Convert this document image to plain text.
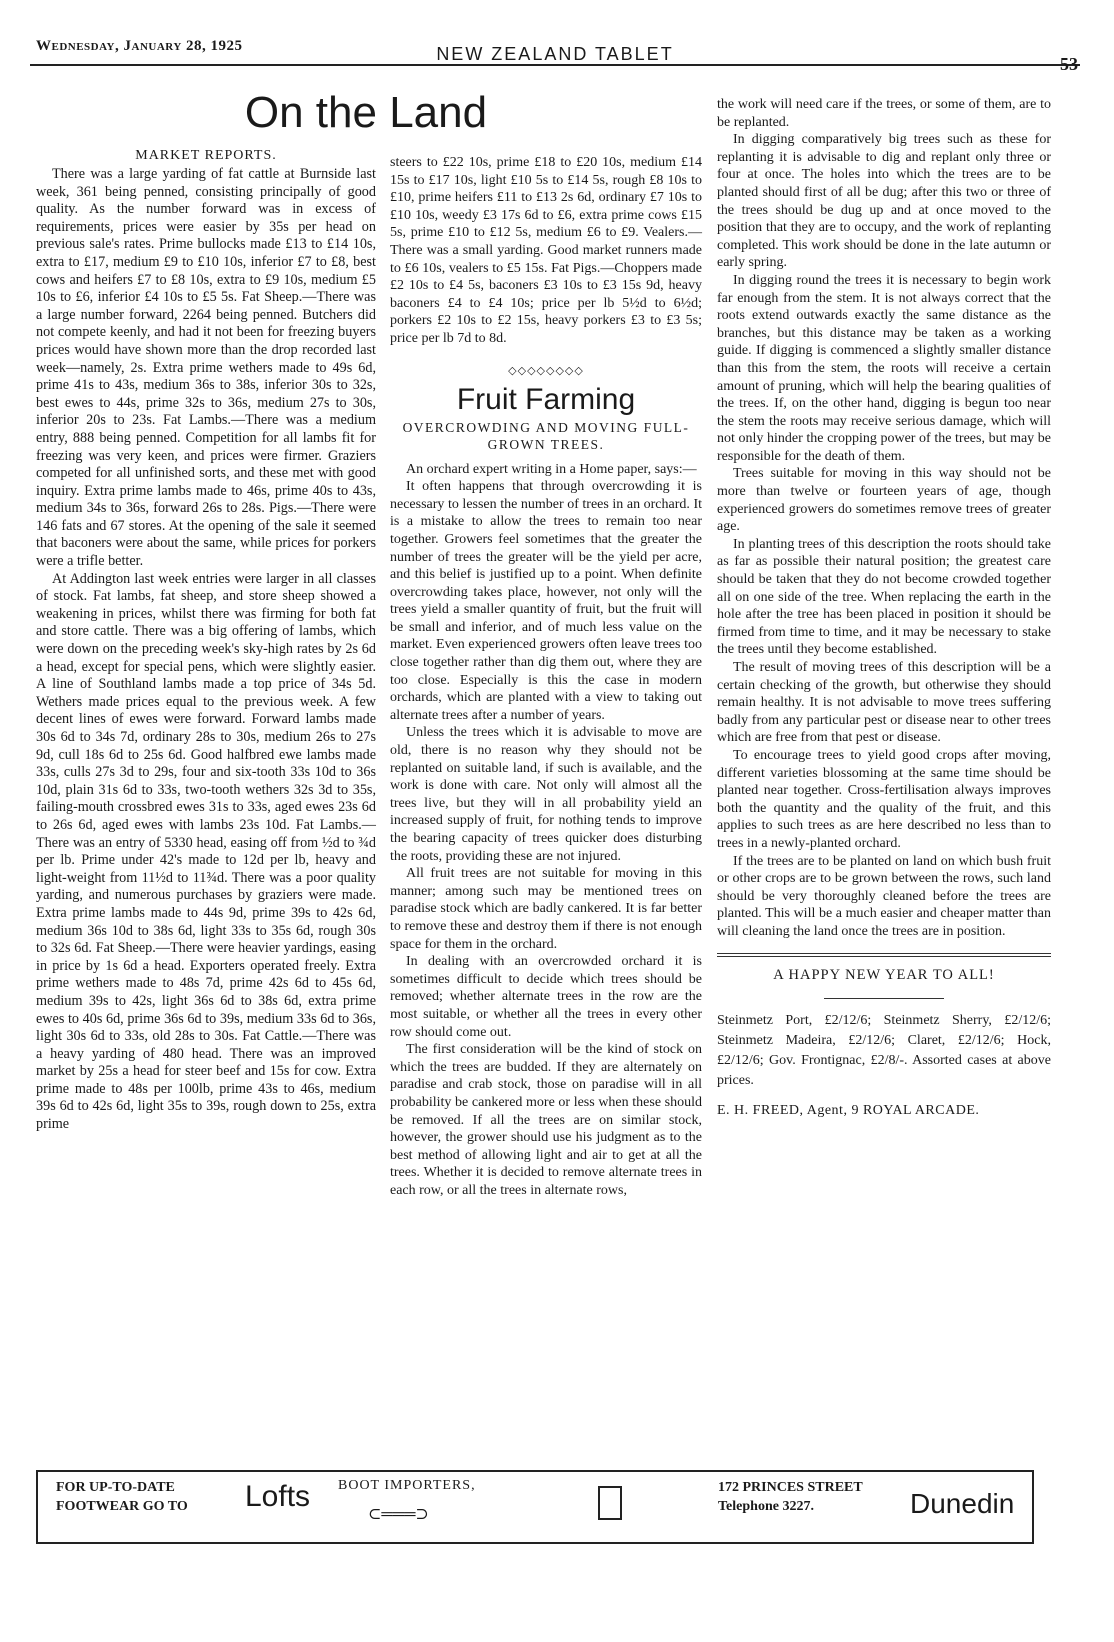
Wednesday, January 28, 1925	NEW ZEALAND TABLET	53
On the Land
MARKET REPORTS.

There was a large yarding of fat cattle at Burnside last week, 361 being penned, consisting principally of good quality. As the number forward was in excess of requirements, prices were easier by 35s per head on previous sale's rates. Prime bullocks made £13 to £14 10s, extra to £17, medium £9 to £10 10s, inferior £7 to £8, best cows and heifers £7 to £8 10s, extra to £9 10s, medium £5 10s to £6, inferior £4 10s to £5 5s. Fat Sheep.—There was a large number forward, 2264 being penned. Butchers did not compete keenly, and had it not been for freezing buyers prices would have shown more than the drop recorded last week—namely, 2s. Extra prime wethers made to 49s 6d, prime 41s to 43s, medium 36s to 38s, inferior 30s to 32s, best ewes to 44s, prime 32s to 36s, medium 27s to 30s, inferior 20s to 23s. Fat Lambs.—There was a medium entry, 888 being penned. Competition for all lambs fit for freezing was very keen, and prices were firmer. Graziers competed for all unfinished sorts, and these met with good inquiry. Extra prime lambs made to 46s, prime 40s to 43s, medium 34s to 36s, forward 26s to 28s. Pigs.—There were 146 fats and 67 stores. At the opening of the sale it seemed that baconers were about the same, while prices for porkers were a trifle better.

At Addington last week entries were larger in all classes of stock. Fat lambs, fat sheep, and store sheep showed a weakening in prices, whilst there was firming for both fat and store cattle. There was a big offering of lambs, which were down on the preceding week's sky-high rates by 2s 6d a head, except for special pens, which were slightly easier. A line of Southland lambs made a top price of 34s 5d. Wethers made prices equal to the previous week. A few decent lines of ewes were forward. Forward lambs made 30s 6d to 34s 7d, ordinary 28s to 30s, medium 26s to 27s 9d, cull 18s 6d to 25s 6d. Good halfbred ewe lambs made 33s, culls 27s 3d to 29s, four and six-tooth 33s 10d to 36s 10d, plain 31s 6d to 33s, two-tooth wethers 32s 3d to 35s, failing-mouth crossbred ewes 31s to 33s, aged ewes 23s 6d to 26s 6d, aged ewes with lambs 23s 10d. Fat Lambs.—There was an entry of 5330 head, easing off from ½d to ¾d per lb. Prime under 42's made to 12d per lb, heavy and light-weight from 11½d to 11¾d. There was a poor quality yarding, and numerous purchases by graziers were made. Extra prime lambs made to 44s 9d, prime 39s to 42s 6d, medium 36s 10d to 38s 6d, light 33s to 35s 6d, rough 30s to 32s 6d. Fat Sheep.—There were heavier yardings, easing in price by 1s 6d a head. Exporters operated freely. Extra prime wethers made to 48s 7d, prime 42s 6d to 45s 6d, medium 39s to 42s, light 36s 6d to 38s 6d, extra prime ewes to 40s 6d, prime 36s 6d to 39s, medium 33s 6d to 36s, light 30s 6d to 33s, old 28s to 30s. Fat Cattle.—There was a heavy yarding of 480 head. There was an improved market by 25s a head for steer beef and 15s for cow. Extra prime made to 48s per 100lb, prime 43s to 46s, medium 39s 6d to 42s 6d, light 35s to 39s, rough down to 25s, extra prime

steers to £22 10s, prime £18 to £20 10s, medium £14 15s to £17 10s, light £10 5s to £14 5s, rough £8 10s to £10, prime heifers £11 to £13 2s 6d, ordinary £7 10s to £10 10s, weedy £3 17s 6d to £6, extra prime cows £15 5s, prime £10 to £12 5s, medium £6 to £9. Vealers.—There was a small yarding. Good market runners made to £6 10s, vealers to £5 15s. Fat Pigs.—Choppers made £2 10s to £4 5s, baconers £3 10s to £3 15s 9d, heavy baconers £4 to £4 10s; price per lb 5½d to 6½d; porkers £2 10s to £2 15s, heavy porkers £3 to £3 5s; price per lb 7d to 8d.

◇◇◇◇◇◇◇◇
Fruit Farming
OVERCROWDING AND MOVING FULL-GROWN TREES.

An orchard expert writing in a Home paper, says:—

It often happens that through overcrowding it is necessary to lessen the number of trees in an orchard. It is a mistake to allow the trees to remain too near together. Growers feel sometimes that the greater the number of trees the greater will be the yield per acre, and this belief is justified up to a point. When definite overcrowding takes place, however, not only will the trees yield a smaller quantity of fruit, but the fruit will be small and inferior, and of much less value on the market. Even experienced growers often leave trees too close together rather than dig them out, where they are too close. Especially is this the case in modern orchards, which are planted with a view to taking out alternate trees after a number of years.

Unless the trees which it is advisable to move are old, there is no reason why they should not be replanted on suitable land, if such is available, and the work is done with care. Not only will almost all the trees live, but they will in all probability yield an increased supply of fruit, for nothing tends to improve the bearing capacity of trees quicker does disturbing the roots, providing these are not injured.

All fruit trees are not suitable for moving in this manner; among such may be mentioned trees on paradise stock which are badly cankered. It is far better to remove these and destroy them if there is not enough space for them in the orchard.

In dealing with an overcrowded orchard it is sometimes difficult to decide which trees should be removed; whether alternate trees in the row are the most suitable, or whether all the trees in every other row should come out.

The first consideration will be the kind of stock on which the trees are budded. If they are alternately on paradise and crab stock, those on paradise will in all probability be cankered more or less when these should be removed. If all the trees are on similar stock, however, the grower should use his judgment as to the best method of allowing light and air to get at all the trees. Whether it is decided to remove alternate trees in each row, or all the trees in alternate rows,

the work will need care if the trees, or some of them, are to be replanted.

In digging comparatively big trees such as these for replanting it is advisable to dig and replant only three or four at once. The holes into which the trees are to be planted should first of all be dug; after this two or three of the trees should be dug up and at once moved to the position that they are to occupy, and the work of replanting completed. This work should be done in the late autumn or early spring.

In digging round the trees it is necessary to begin work far enough from the stem. It is not always correct that the roots extend outwards exactly the same distance as the branches, but this distance may be taken as a working guide. If digging is commenced a slightly smaller distance than this from the stem, the roots will receive a certain amount of pruning, which will help the bearing qualities of the trees. If, on the other hand, digging is begun too near the stem the roots may receive serious damage, which will not only hinder the cropping power of the trees, but may be responsible for the death of them.

Trees suitable for moving in this way should not be more than twelve or fourteen years of age, though experienced growers do sometimes remove trees of greater age.

In planting trees of this description the roots should take as far as possible their natural position; the greatest care should be taken that they do not become crowded together all on one side of the tree. When replacing the earth in the hole after the tree has been placed in position it should be firmed from time to time, and it may be necessary to stake the trees until they become established.

The result of moving trees of this description will be a certain checking of the growth, but otherwise they should remain healthy. It is not advisable to move trees suffering badly from any particular pest or disease near to other trees which are free from that pest or disease.

To encourage trees to yield good crops after moving, different varieties blossoming at the same time should be planted near together. Cross-fertilisation always improves both the quantity and the quality of the fruit, and this applies to such trees as are here described no less than to trees in a newly-planted orchard.

If the trees are to be planted on land on which bush fruit or other crops are to be grown between the rows, such land should be very thoroughly cleaned before the trees are planted. This will be a much easier and cheaper matter than will cleaning the land once the trees are in position.

A HAPPY NEW YEAR TO ALL!
Steinmetz Port, £2/12/6; Steinmetz Sherry, £2/12/6; Steinmetz Madeira, £2/12/6; Claret, £2/12/6; Hock, £2/12/6; Gov. Frontignac, £2/8/-. Assorted cases at above prices.
E. H. FREED, Agent, 9 ROYAL ARCADE.
FOR UP-TO-DATE
FOOTWEAR GO TO Lofts BOOT IMPORTERS,
⊂═══⊃
172 PRINCES STREET
Telephone 3227.	Dunedin
